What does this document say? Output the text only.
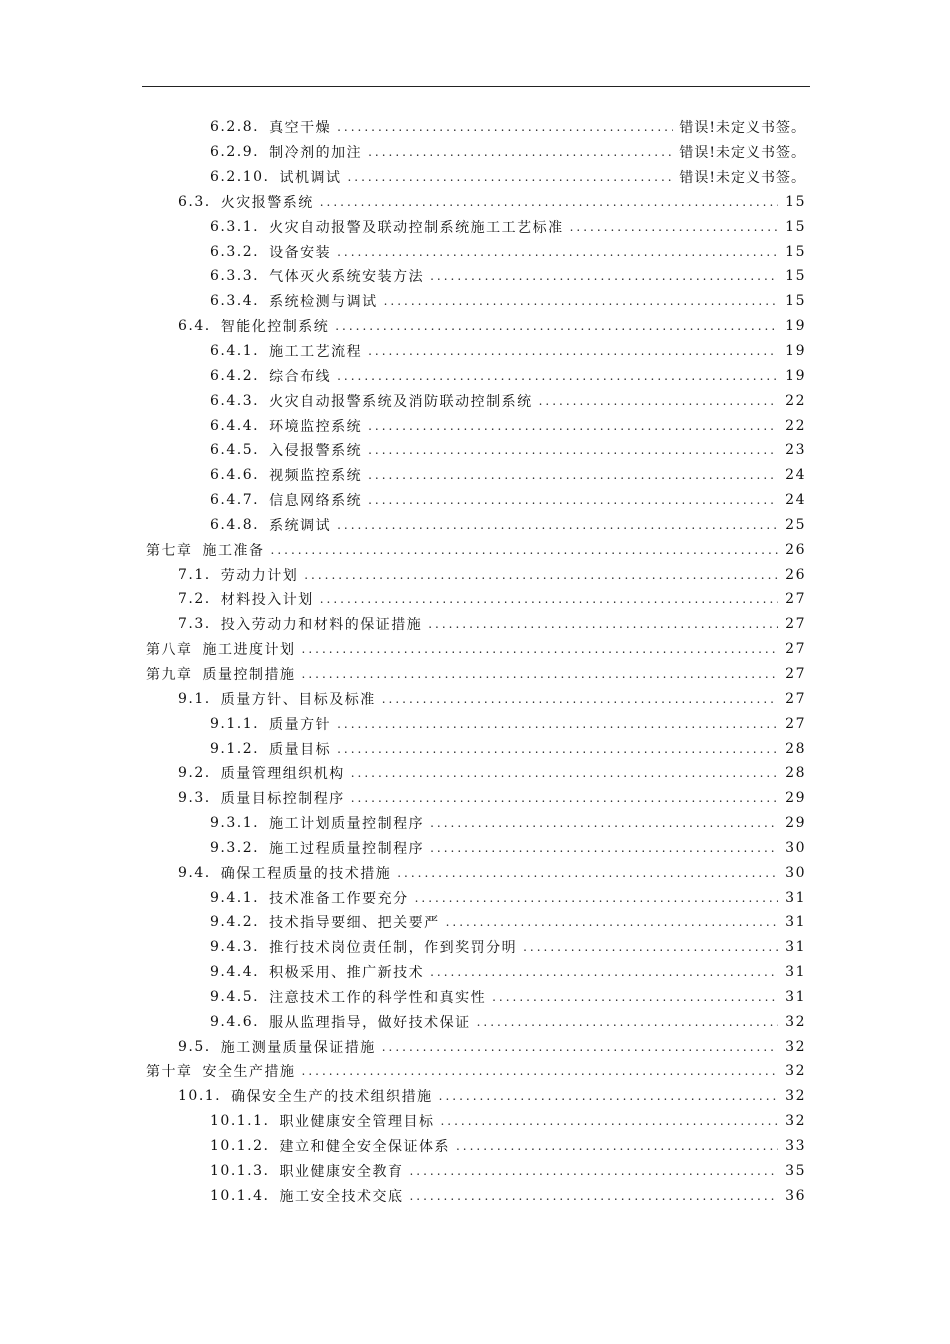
6.2.8. 真空干燥 .....	错误!未定义书签。
6.2.9. 制冷剂的加注 .....	错误!未定义书签。
6.2.10. 试机调试 .....	错误!未定义书签。
6.3. 火灾报警系统 .....	15
6.3.1. 火灾自动报警及联动控制系统施工工艺标准 .....	15
6.3.2. 设备安装 .....	15
6.3.3. 气体灭火系统安装方法 .....	15
6.3.4. 系统检测与调试 .....	15
6.4. 智能化控制系统 .....	19
6.4.1. 施工工艺流程 .....	19
6.4.2. 综合布线 .....	19
6.4.3. 火灾自动报警系统及消防联动控制系统 .....	22
6.4.4. 环境监控系统 .....	22
6.4.5. 入侵报警系统 .....	23
6.4.6. 视频监控系统 .....	24
6.4.7. 信息网络系统 .....	24
6.4.8. 系统调试 .....	25
第七章 施工准备 .....	26
7.1. 劳动力计划 .....	26
7.2. 材料投入计划 .....	27
7.3. 投入劳动力和材料的保证措施 .....	27
第八章 施工进度计划 .....	27
第九章 质量控制措施 .....	27
9.1. 质量方针、目标及标准 .....	27
9.1.1. 质量方针 .....	27
9.1.2. 质量目标 .....	28
9.2. 质量管理组织机构 .....	28
9.3. 质量目标控制程序 .....	29
9.3.1. 施工计划质量控制程序 .....	29
9.3.2. 施工过程质量控制程序 .....	30
9.4. 确保工程质量的技术措施 .....	30
9.4.1. 技术准备工作要充分 .....	31
9.4.2. 技术指导要细、把关要严 .....	31
9.4.3. 推行技术岗位责任制，作到奖罚分明 .....	31
9.4.4. 积极采用、推广新技术 .....	31
9.4.5. 注意技术工作的科学性和真实性 .....	31
9.4.6. 服从监理指导，做好技术保证 .....	32
9.5. 施工测量质量保证措施 .....	32
第十章 安全生产措施 .....	32
10.1. 确保安全生产的技术组织措施 .....	32
10.1.1. 职业健康安全管理目标 .....	32
10.1.2. 建立和健全安全保证体系 .....	33
10.1.3. 职业健康安全教育 .....	35
10.1.4. 施工安全技术交底 .....	36
